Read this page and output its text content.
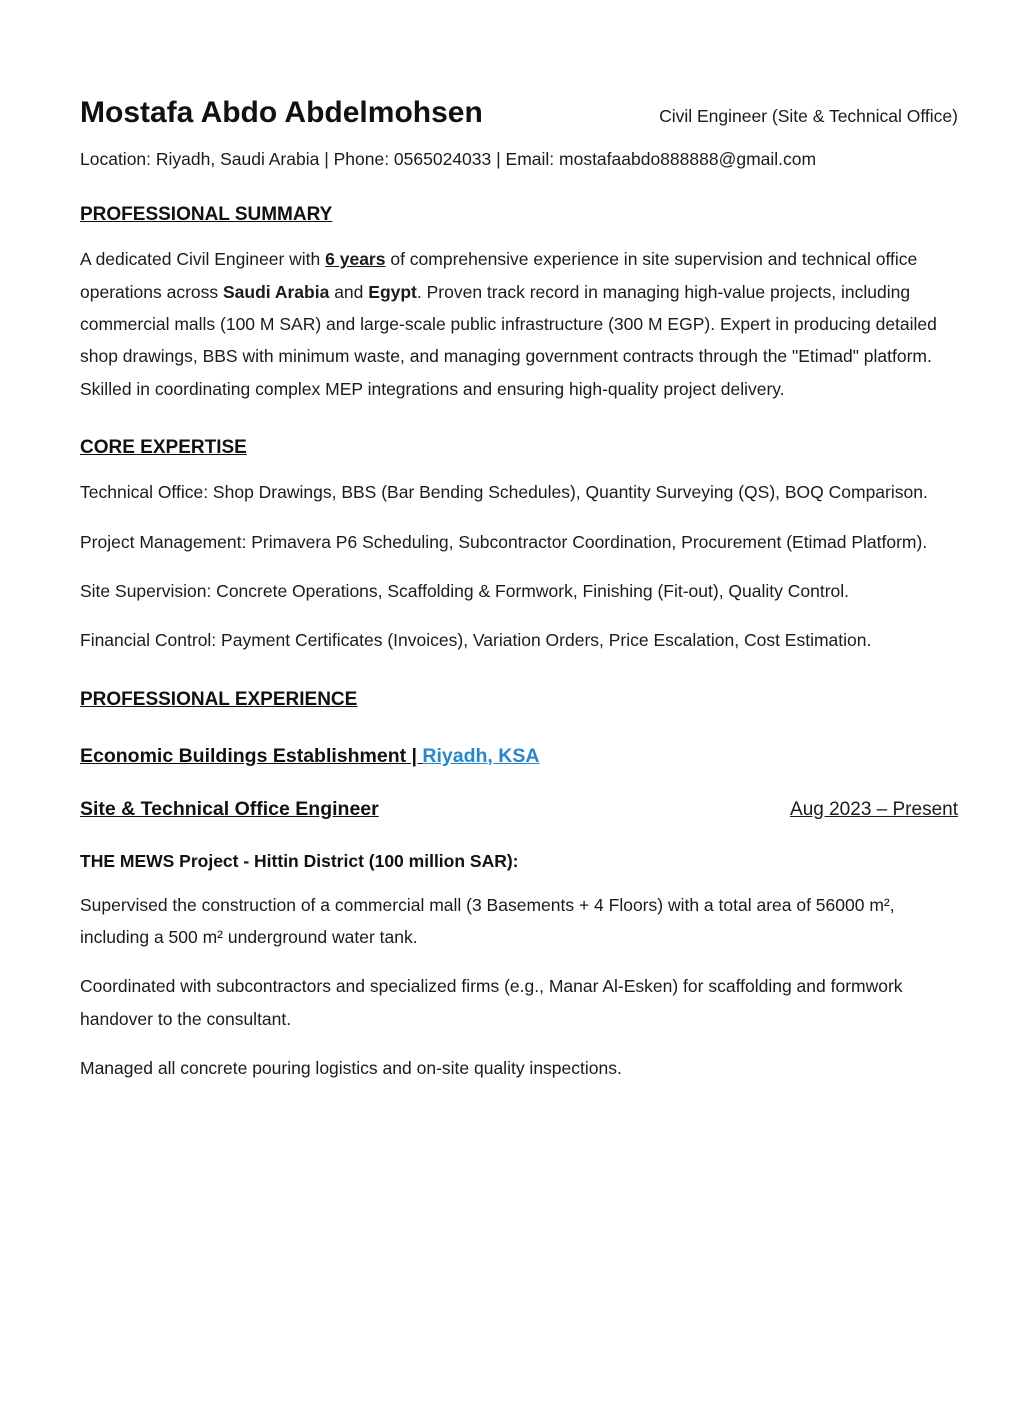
Mostafa Abdo Abdelmohsen	Civil Engineer (Site & Technical Office)

Location: Riyadh, Saudi Arabia | Phone: 0565024033 | Email: mostafaabdo888888@gmail.com

PROFESSIONAL SUMMARY

A dedicated Civil Engineer with 6 years of comprehensive experience in site supervision and technical office operations across Saudi Arabia and Egypt. Proven track record in managing high-value projects, including commercial malls (100 M SAR) and large-scale public infrastructure (300 M EGP). Expert in producing detailed shop drawings, BBS with minimum waste, and managing government contracts through the "Etimad" platform. Skilled in coordinating complex MEP integrations and ensuring high-quality project delivery.

CORE EXPERTISE

Technical Office: Shop Drawings, BBS (Bar Bending Schedules), Quantity Surveying (QS), BOQ Comparison.

Project Management: Primavera P6 Scheduling, Subcontractor Coordination, Procurement (Etimad Platform).

Site Supervision: Concrete Operations, Scaffolding & Formwork, Finishing (Fit-out), Quality Control.

Financial Control: Payment Certificates (Invoices), Variation Orders, Price Escalation, Cost Estimation.

PROFESSIONAL EXPERIENCE
Economic Buildings Establishment | Riyadh, KSA
Site & Technical Office Engineer	Aug 2023 – Present

THE MEWS Project - Hittin District (100 million SAR):

Supervised the construction of a commercial mall (3 Basements + 4 Floors) with a total area of 56000 m², including a 500 m² underground water tank.

Coordinated with subcontractors and specialized firms (e.g., Manar Al-Esken) for scaffolding and formwork handover to the consultant.

Managed all concrete pouring logistics and on-site quality inspections.
